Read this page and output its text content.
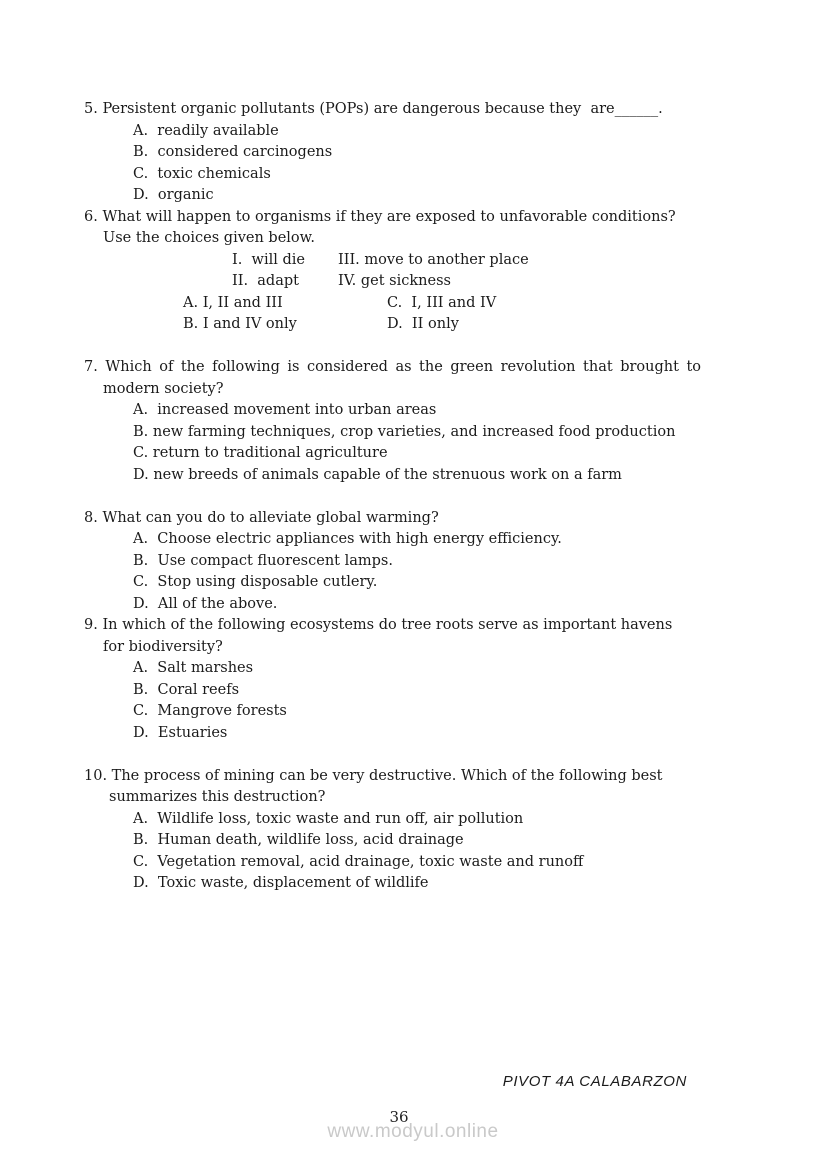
5. Persistent organic pollutants (POPs) are dangerous because they  are______.
A.  readily available
B.  considered carcinogens
C.  toxic chemicals
D.  organic
6. What will happen to organisms if they are exposed to unfavorable conditions?
Use the choices given below.
I.  will die III. move to another place
II.  adapt	IV. get sickness
A. I, II and III	C.  I, III and IV
B. I and IV only	D.  II only
7. Which of the following is considered as the green revolution that brought to
modern society?
A.  increased movement into urban areas
B. new farming techniques, crop varieties, and increased food production
C. return to traditional agriculture
D. new breeds of animals capable of the strenuous work on a farm
8. What can you do to alleviate global warming?
A.  Choose electric appliances with high energy efficiency.
B.  Use compact fluorescent lamps.
C.  Stop using disposable cutlery.
D.  All of the above.
9. In which of the following ecosystems do tree roots serve as important havens
for biodiversity?
A.  Salt marshes
B.  Coral reefs
C.  Mangrove forests
D.  Estuaries
10. The process of mining can be very destructive. Which of the following best
summarizes this destruction?
A.  Wildlife loss, toxic waste and run off, air pollution
B.  Human death, wildlife loss, acid drainage
C.  Vegetation removal, acid drainage, toxic waste and runoff
D.  Toxic waste, displacement of wildlife
PIVOT 4A CALABARZON
36
www.modyul.online
